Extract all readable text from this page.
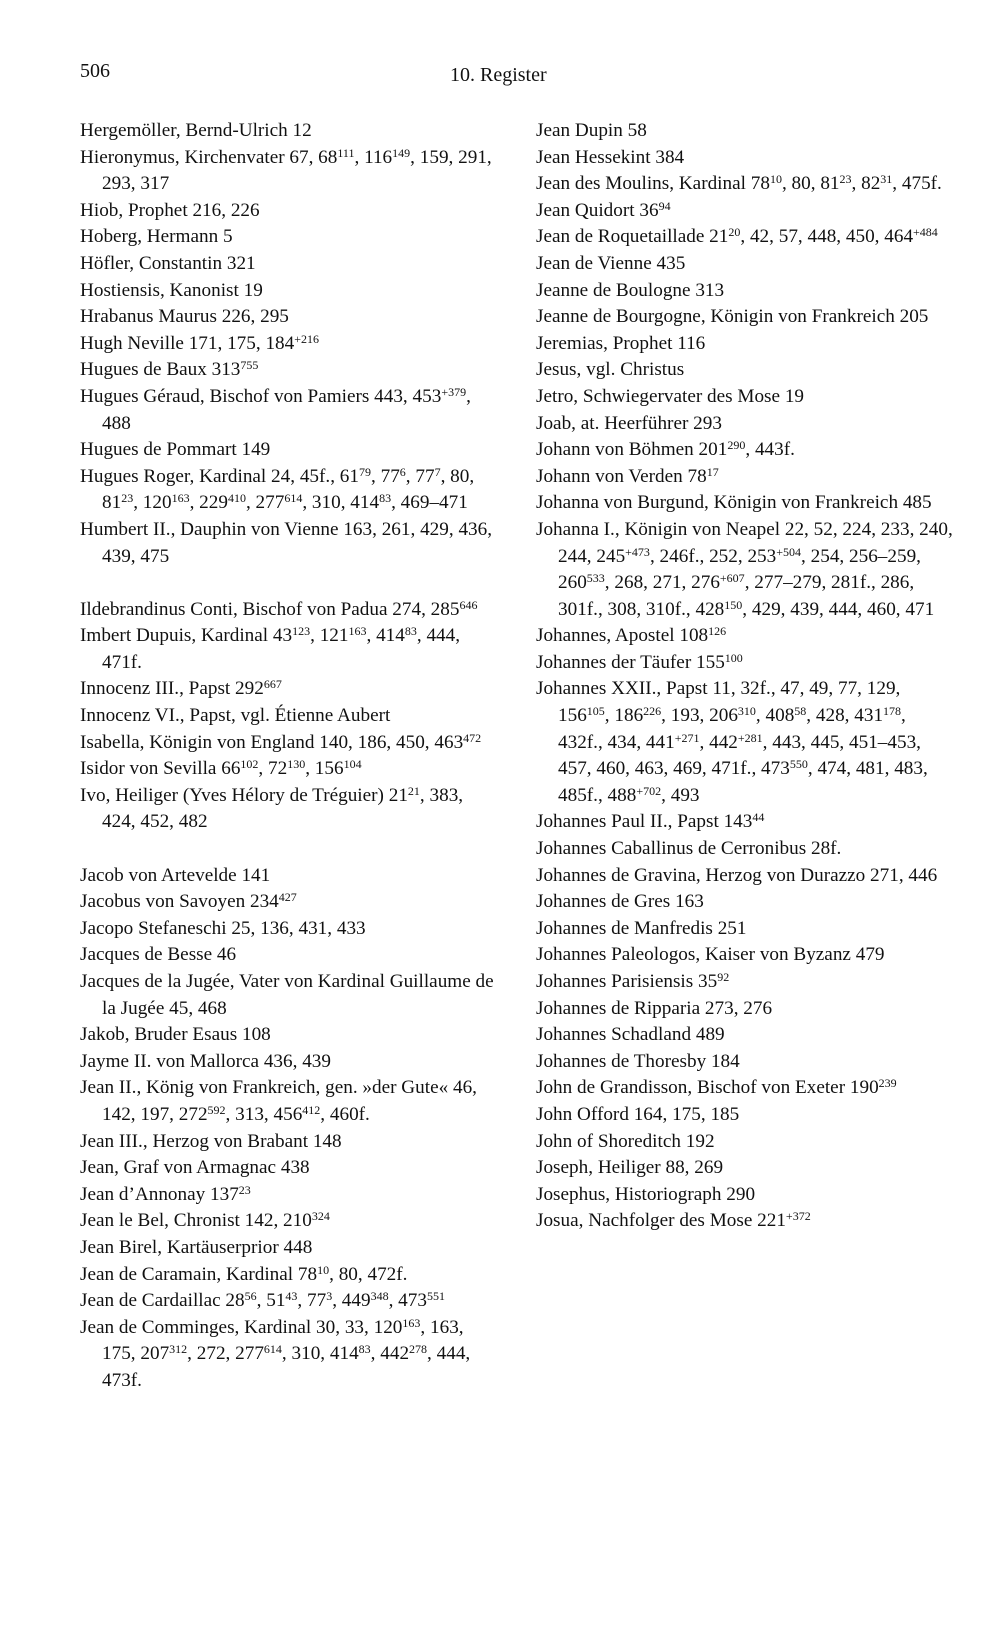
506	10. Register
Hergemöller, Bernd-Ulrich 12
Hieronymus, Kirchenvater 67, $68^{111}$, $116^{149}$, 159, 291, 293, 317
Hiob, Prophet 216, 226
Hoberg, Hermann 5
Höfler, Constantin 321
Hostiensis, Kanonist 19
Hrabanus Maurus 226, 295
Hugh Neville 171, 175, $184^{+216}$
Hugues de Baux $313^{755}$
Hugues Géraud, Bischof von Pamiers 443, $453^{+379}$, 488
Hugues de Pommart 149
Hugues Roger, Kardinal 24, 45f., $61^{79}$, $77^6$, $77^7$, 80, $81^{23}$, $120^{163}$, $229^{410}$, $277^{614}$, 310, $414^{83}$, 469–471
Humbert II., Dauphin von Vienne 163, 261, 429, 436, 439, 475
Ildebrandinus Conti, Bischof von Padua 274, $285^{646}$
Imbert Dupuis, Kardinal $43^{123}$, $121^{163}$, $414^{83}$, 444, 471f.
Innocenz III., Papst $292^{667}$
Innocenz VI., Papst, vgl. Étienne Aubert
Isabella, Königin von England 140, 186, 450, $463^{472}$
Isidor von Sevilla $66^{102}$, $72^{130}$, $156^{104}$
Ivo, Heiliger (Yves Hélory de Tréguier) $21^{21}$, 383, 424, 452, 482
Jacob von Artevelde 141
Jacobus von Savoyen $234^{427}$
Jacopo Stefaneschi 25, 136, 431, 433
Jacques de Besse 46
Jacques de la Jugée, Vater von Kardinal Guillaume de la Jugée 45, 468
Jakob, Bruder Esaus 108
Jayme II. von Mallorca 436, 439
Jean II., König von Frankreich, gen. »der Gute« 46, 142, 197, $272^{592}$, 313, $456^{412}$, 460f.
Jean III., Herzog von Brabant 148
Jean, Graf von Armagnac 438
Jean d’Annonay $137^{23}$
Jean le Bel, Chronist 142, $210^{324}$
Jean Birel, Kartäuserprior 448
Jean de Caramain, Kardinal $78^{10}$, 80, 472f.
Jean de Cardaillac $28^{56}$, $51^{43}$, $77^3$, $449^{348}$, $473^{551}$
Jean de Comminges, Kardinal 30, 33, $120^{163}$, 163, 175, $207^{312}$, 272, $277^{614}$, 310, $414^{83}$, $442^{278}$, 444, 473f.
Jean Dupin 58
Jean Hessekint 384
Jean des Moulins, Kardinal $78^{10}$, 80, $81^{23}$, $82^{31}$, 475f.
Jean Quidort $36^{94}$
Jean de Roquetaillade $21^{20}$, 42, 57, 448, 450, $464^{+484}$
Jean de Vienne 435
Jeanne de Boulogne 313
Jeanne de Bourgogne, Königin von Frankreich 205
Jeremias, Prophet 116
Jesus, vgl. Christus
Jetro, Schwiegervater des Mose 19
Joab, at. Heerführer 293
Johann von Böhmen $201^{290}$, 443f.
Johann von Verden $78^{17}$
Johanna von Burgund, Königin von Frankreich 485
Johanna I., Königin von Neapel 22, 52, 224, 233, 240, 244, $245^{+473}$, 246f., 252, $253^{+504}$, 254, 256–259, $260^{533}$, 268, 271, $276^{+607}$, 277–279, 281f., 286, 301f., 308, 310f., $428^{150}$, 429, 439, 444, 460, 471
Johannes, Apostel $108^{126}$
Johannes der Täufer $155^{100}$
Johannes XXII., Papst 11, 32f., 47, 49, 77, 129, $156^{105}$, $186^{226}$, 193, $206^{310}$, $408^{58}$, 428, $431^{178}$, 432f., 434, $441^{+271}$, $442^{+281}$, 443, 445, 451–453, 457, 460, 463, 469, 471f., $473^{550}$, 474, 481, 483, 485f., $488^{+702}$, 493
Johannes Paul II., Papst $143^{44}$
Johannes Caballinus de Cerronibus 28f.
Johannes de Gravina, Herzog von Durazzo 271, 446
Johannes de Gres 163
Johannes de Manfredis 251
Johannes Paleologos, Kaiser von Byzanz 479
Johannes Parisiensis $35^{92}$
Johannes de Ripparia 273, 276
Johannes Schadland 489
Johannes de Thoresby 184
John de Grandisson, Bischof von Exeter $190^{239}$
John Offord 164, 175, 185
John of Shoreditch 192
Joseph, Heiliger 88, 269
Josephus, Historiograph 290
Josua, Nachfolger des Mose $221^{+372}$
